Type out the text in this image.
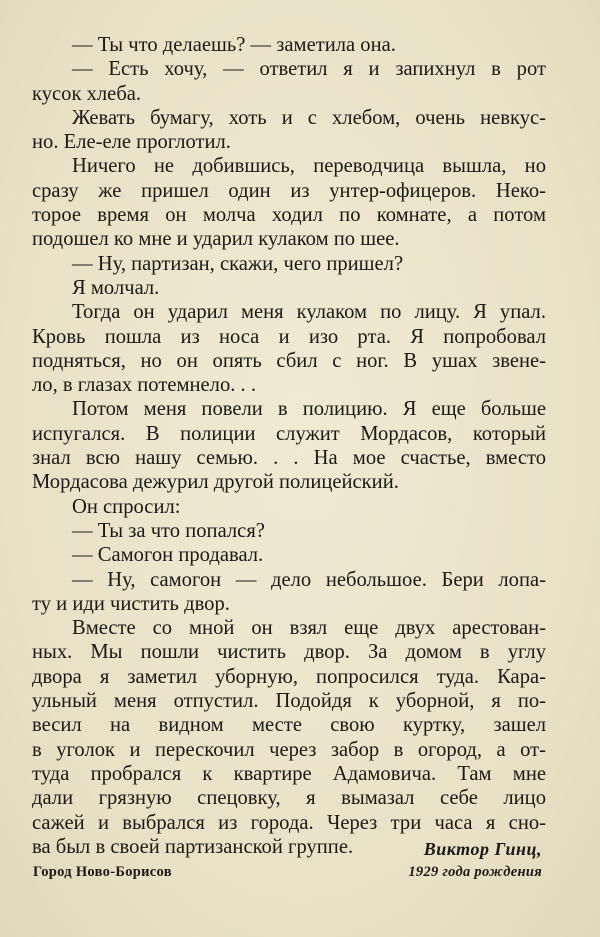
— Ты что делаешь? — заметила она.
— Есть хочу, — ответил я и запихнул в рот
кусок хлеба.
Жевать бумагу, хоть и с хлебом, очень невкус-
но. Еле-еле проглотил.
Ничего не добившись, переводчица вышла, но
сразу же пришел один из унтер-офицеров. Неко-
торое время он молча ходил по комнате, а потом
подошел ко мне и ударил кулаком по шее.
— Ну, партизан, скажи, чего пришел?
Я молчал.
Тогда он ударил меня кулаком по лицу. Я упал.
Кровь пошла из носа и изо рта. Я попробовал
подняться, но он опять сбил с ног. В ушах звене-
ло, в глазах потемнело. . .
Потом меня повели в полицию. Я еще больше
испугался. В полиции служит Мордасов, который
знал всю нашу семью. . . На мое счастье, вместо
Мордасова дежурил другой полицейский.
Он спросил:
— Ты за что попался?
— Самогон продавал.
— Ну, самогон — дело небольшое. Бери лопа-
ту и иди чистить двор.
Вместе со мной он взял еще двух арестован-
ных. Мы пошли чистить двор. За домом в углу
двора я заметил уборную, попросился туда. Кара-
ульный меня отпустил. Подойдя к уборной, я по-
весил на видном месте свою куртку, зашел
в уголок и перескочил через забор в огород, а от-
туда пробрался к квартире Адамовича. Там мне
дали грязную спецовку, я вымазал себе лицо
сажей и выбрался из города. Через три часа я сно-
ва был в своей партизанской группе.	Виктор Гинц,
Город Ново-Борисов	1929 года рождения
